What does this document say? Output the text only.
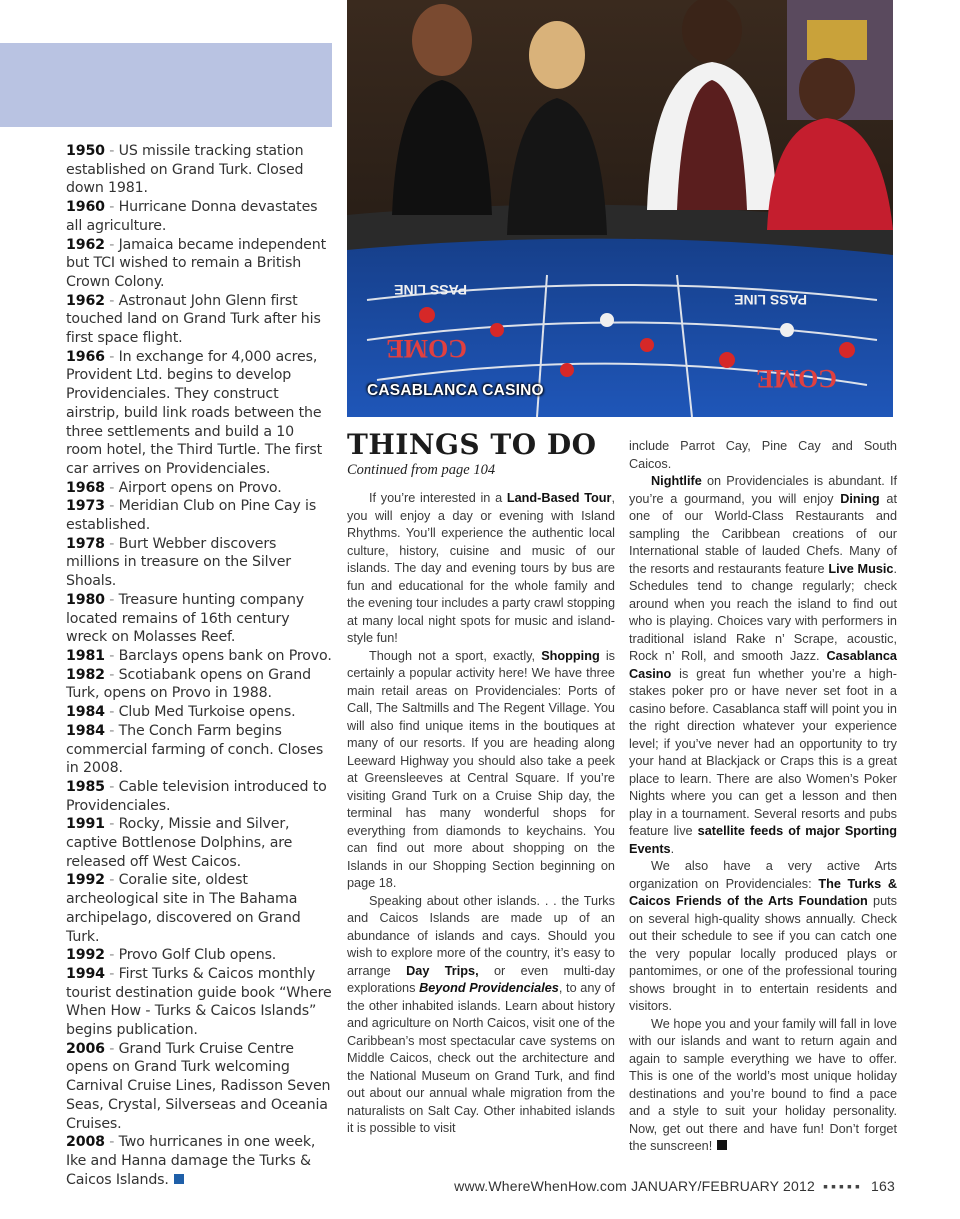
1950 - US missile tracking station established on Grand Turk. Closed down 1981.

1960 - Hurricane Donna devastates all agriculture.

1962 - Jamaica became independent but TCI wished to remain a British Crown Colony.

1962 - Astronaut John Glenn first touched land on Grand Turk after his first space flight.

1966 - In exchange for 4,000 acres, Provident Ltd. begins to develop Providenciales. They construct airstrip, build link roads between the three settlements and build a 10 room hotel, the Third Turtle. The first car arrives on Providenciales.

1968 - Airport opens on Provo.

1973 - Meridian Club on Pine Cay is established.

1978 - Burt Webber discovers millions in treasure on the Silver Shoals.

1980 - Treasure hunting company located remains of 16th century wreck on Molasses Reef.

1981 - Barclays opens bank on Provo.

1982 - Scotiabank opens on Grand Turk, opens on Provo in 1988.

1984 - Club Med Turkoise opens.

1984 - The Conch Farm begins commercial farming of conch. Closes in 2008.

1985 - Cable television introduced to Providenciales.

1991 - Rocky, Missie and Silver, captive Bottlenose Dolphins, are released off West Caicos.

1992 - Coralie site, oldest archeological site in The Bahama archipelago, discovered on Grand Turk.

1992 - Provo Golf Club opens.

1994 - First Turks & Caicos monthly tourist destination guide book “Where When How - Turks & Caicos Islands” begins publication.

2006 - Grand Turk Cruise Centre opens on Grand Turk welcoming Carnival Cruise Lines, Radisson Seven Seas, Crystal, Silverseas and Oceania Cruises.

2008 - Two hurricanes in one week, Ike and Hanna damage the Turks & Caicos Islands.

PASS LINE
PASS LINE
COME
COME
CASABLANCA CASINO
THINGS TO DO
Continued from page 104

If you’re interested in a Land-Based Tour, you will enjoy a day or evening with Island Rhythms. You’ll experience the authentic local culture, history, cuisine and music of our islands. The day and evening tours by bus are fun and educational for the whole family and the evening tour includes a party crawl stopping at many local night spots for music and island-style fun!

Though not a sport, exactly, Shopping is certainly a popular activity here! We have three main retail areas on Providenciales: Ports of Call, The Saltmills and The Regent Village. You will also find unique items in the boutiques at many of our resorts. If you are heading along Leeward Highway you should also take a peek at Greensleeves at Central Square. If you’re visiting Grand Turk on a Cruise Ship day, the terminal has many wonderful shops for everything from diamonds to keychains. You can find out more about shopping on the Islands in our Shopping Section beginning on page 18.

Speaking about other islands. . . the Turks and Caicos Islands are made up of an abundance of islands and cays. Should you wish to explore more of the country, it’s easy to arrange Day Trips, or even multi-day explorations Beyond Providenciales, to any of the other inhabited islands. Learn about history and agriculture on North Caicos, visit one of the Caribbean’s most spectacular cave systems on Middle Caicos, check out the architecture and the National Museum on Grand Turk, and find out about our annual whale migration from the naturalists on Salt Cay. Other inhabited islands it is possible to visit

include Parrot Cay, Pine Cay and South Caicos.

Nightlife on Providenciales is abundant. If you’re a gourmand, you will enjoy Dining at one of our World-Class Restaurants and sampling the Caribbean creations of our International stable of lauded Chefs. Many of the resorts and restaurants feature Live Music. Schedules tend to change regularly; check around when you reach the island to find out who is playing. Choices vary with performers in traditional island Rake n’ Scrape, acoustic, Rock n’ Roll, and smooth Jazz. Casablanca Casino is great fun whether you’re a high-stakes poker pro or have never set foot in a casino before. Casablanca staff will point you in the right direction whatever your experience level; if you’ve never had an opportunity to try your hand at Blackjack or Craps this is a great place to learn. There are also Women’s Poker Nights where you can get a lesson and then play in a tournament. Several resorts and pubs feature live satellite feeds of major Sporting Events.

We also have a very active Arts organization on Providenciales: The Turks & Caicos Friends of the Arts Foundation puts on several high-quality shows annually. Check out their schedule to see if you can catch one the very popular locally produced plays or pantomimes, or one of the professional touring shows brought in to entertain residents and visitors.

We hope you and your family will fall in love with our islands and want to return again and again to sample everything we have to offer. This is one of the world’s most unique holiday destinations and you’re bound to find a pace and a style to suit your holiday personality. Now, get out there and have fun! Don’t forget the sunscreen!

www.WhereWhenHow.com JANUARY/FEBRUARY 2012 ▪▪▪▪▪ 163
